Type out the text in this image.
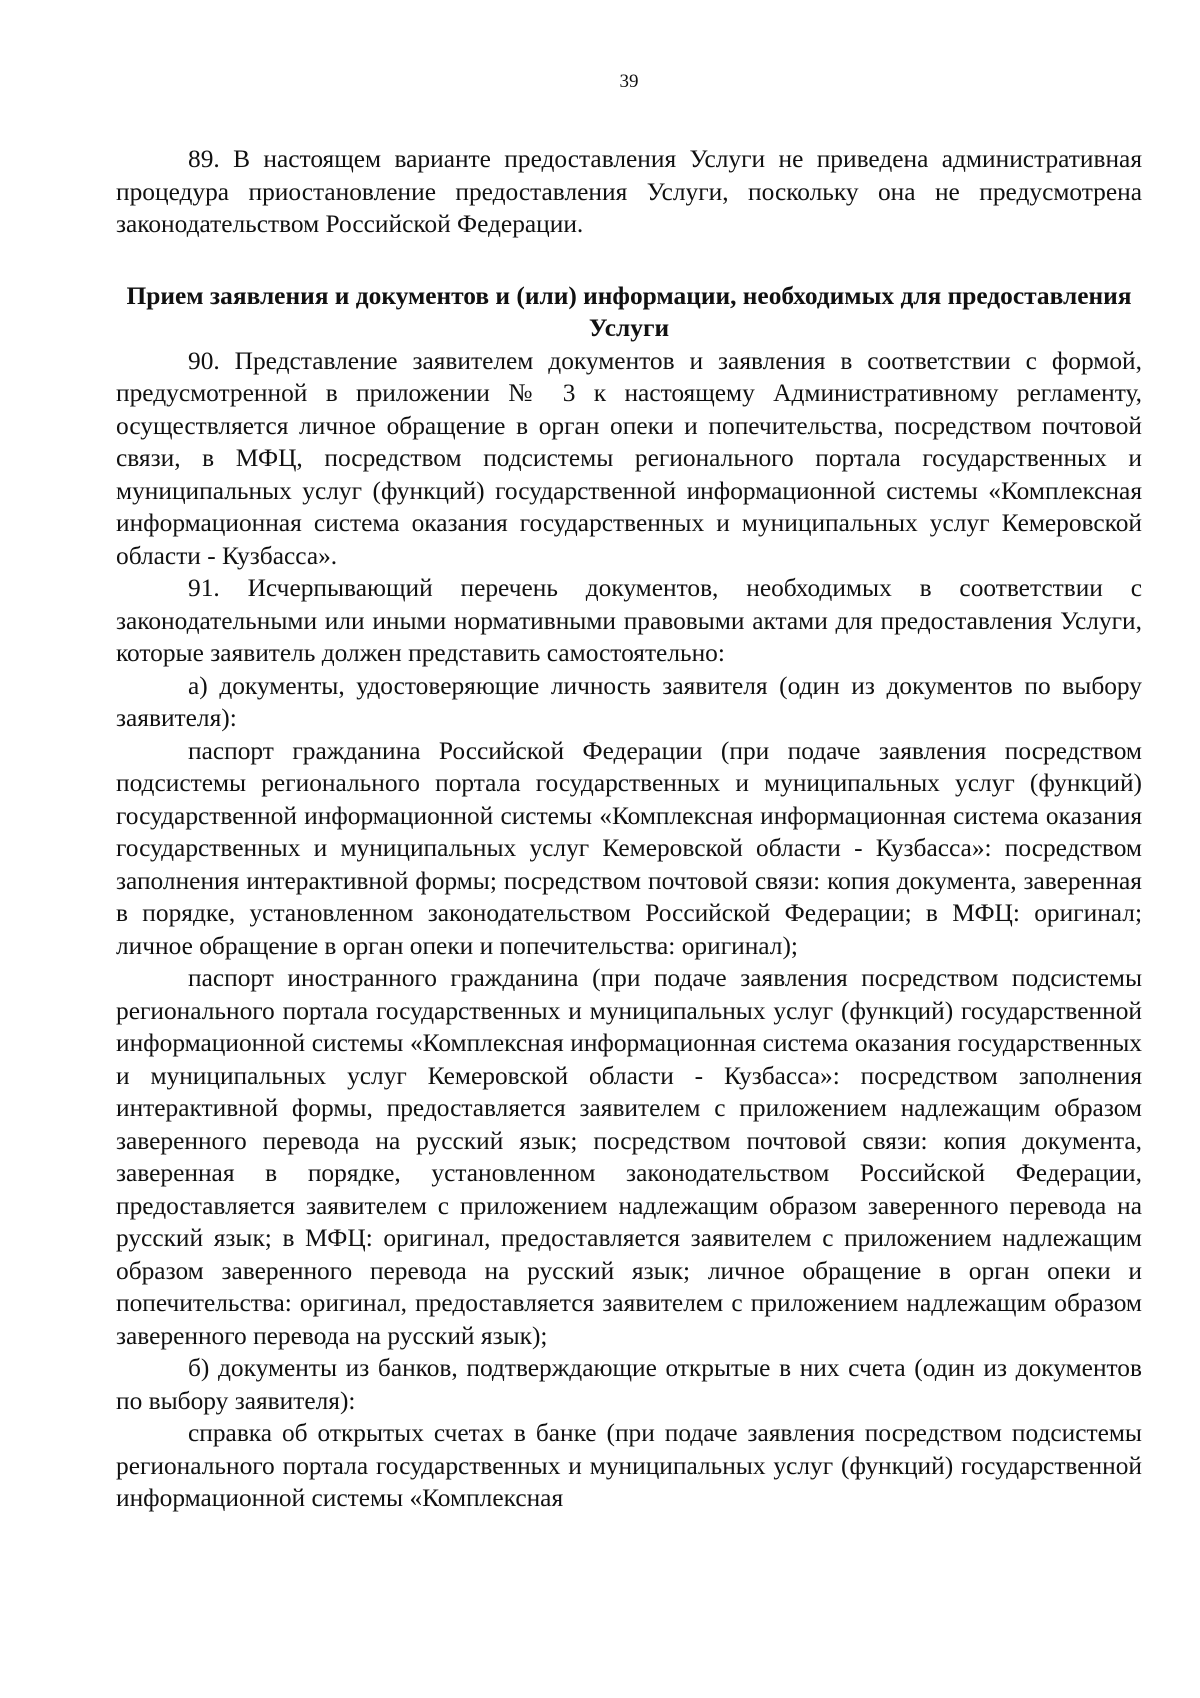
39

89. В настоящем варианте предоставления Услуги не приведена административная процедура приостановление предоставления Услуги, поскольку она не предусмотрена законодательством Российской Федерации.

Прием заявления и документов и (или) информации, необходимых для предоставления Услуги

90. Представление заявителем документов и заявления в соответствии с формой, предусмотренной в приложении № 3 к настоящему Административному регламенту, осуществляется личное обращение в орган опеки и попечительства, посредством почтовой связи, в МФЦ, посредством подсистемы регионального портала государственных и муниципальных услуг (функций) государственной информационной системы «Комплексная информационная система оказания государственных и муниципальных услуг Кемеровской области - Кузбасса».

91. Исчерпывающий перечень документов, необходимых в соответствии с законодательными или иными нормативными правовыми актами для предоставления Услуги, которые заявитель должен представить самостоятельно:

а) документы, удостоверяющие личность заявителя (один из документов по выбору заявителя):

паспорт гражданина Российской Федерации (при подаче заявления посредством подсистемы регионального портала государственных и муниципальных услуг (функций) государственной информационной системы «Комплексная информационная система оказания государственных и муниципальных услуг Кемеровской области - Кузбасса»: посредством заполнения интерактивной формы; посредством почтовой связи: копия документа, заверенная в порядке, установленном законодательством Российской Федерации; в МФЦ: оригинал; личное обращение в орган опеки и попечительства: оригинал);

паспорт иностранного гражданина (при подаче заявления посредством подсистемы регионального портала государственных и муниципальных услуг (функций) государственной информационной системы «Комплексная информационная система оказания государственных и муниципальных услуг Кемеровской области - Кузбасса»: посредством заполнения интерактивной формы, предоставляется заявителем с приложением надлежащим образом заверенного перевода на русский язык; посредством почтовой связи: копия документа, заверенная в порядке, установленном законодательством Российской Федерации, предоставляется заявителем с приложением надлежащим образом заверенного перевода на русский язык; в МФЦ: оригинал, предоставляется заявителем с приложением надлежащим образом заверенного перевода на русский язык; личное обращение в орган опеки и попечительства: оригинал, предоставляется заявителем с приложением надлежащим образом заверенного перевода на русский язык);

б) документы из банков, подтверждающие открытые в них счета (один из документов по выбору заявителя):

справка об открытых счетах в банке (при подаче заявления посредством подсистемы регионального портала государственных и муниципальных услуг (функций) государственной информационной системы «Комплексная
